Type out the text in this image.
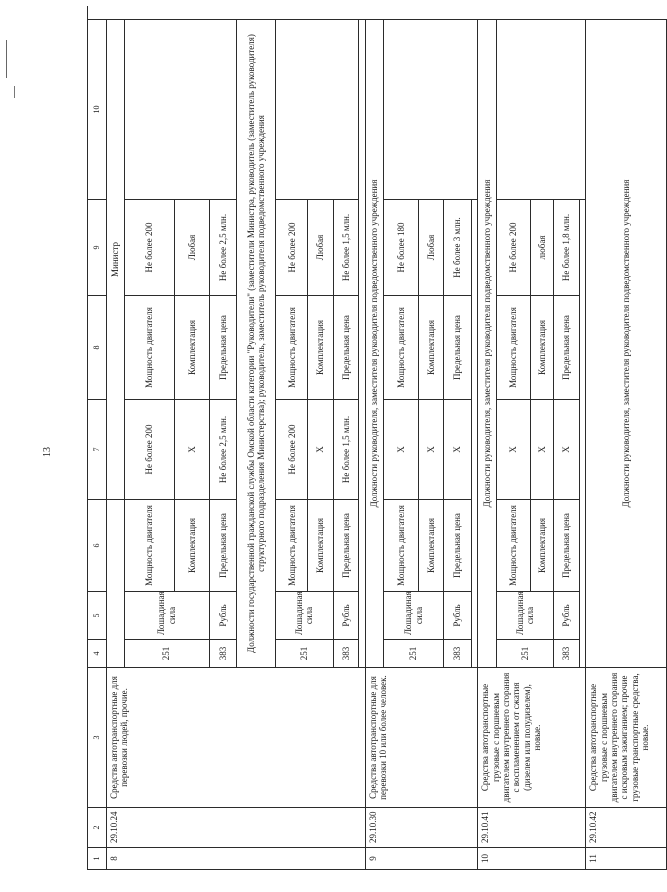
13
1	2	3	4	5	6	7	8	9	10
8	29.10.24	Средства автотранспортные для перевозки людей, прочие.				Министр			
			251	Лошадиная сила	Мощность двигателя	Не более 200	Мощность двигателя	Не более 200	
					Комплектация	Х	Комплектация	Любая	
			383	Рубль	Предельная цена	Не более 2,5 млн.	Предельная цена	Не более 2,5 млн.	
			Должности государственной гражданской службы Омской области категории "Руководители" (заместители Министра, руководитель (заместитель руководителя) структурного подразделения Министерства); руководитель, заместитель руководителя подведомственного учреждения						
			251	Лошадиная сила	Мощность двигателя	Не более 200	Мощность двигателя	Не более 200	
					Комплектация	Х	Комплектация	Любая	
			383	Рубль	Предельная цена	Не более 1,5 млн.	Предельная цена	Не более 1,5 млн.	

9	29.10.30	Средства автотранспортные для перевозки 10 или более человек.	Должности руководителя, заместителя руководителя подведомственного учреждения						
			251	Лошадиная сила	Мощность двигателя	Х	Мощность двигателя	Не более 180	
					Комплектация	Х	Комплектация	Любая	
			383	Рубль	Предельная цена	Х	Предельная цена	Не более 3 млн.	

10	29.10.41	Средства автотранспортные грузовые с поршневым двигателем внутреннего сгорания с воспламенением от сжатия (дизелем или полудизелем), новые.	Должности руководителя, заместителя руководителя подведомственного учреждения						
			251	Лошадиная сила	Мощность двигателя	Х	Мощность двигателя	Не более 200	
					Комплектация	Х	Комплектация	любая	
			383	Рубль	Предельная цена	Х	Предельная цена	Не более 1,8 млн.	

11	29.10.42	Средства автотранспортные грузовые с поршневым двигателем внутреннего сгорания с искровым зажиганием; прочие грузовые транспортные средства, новые.	Должности руководителя, заместителя руководителя подведомственного учреждения						
